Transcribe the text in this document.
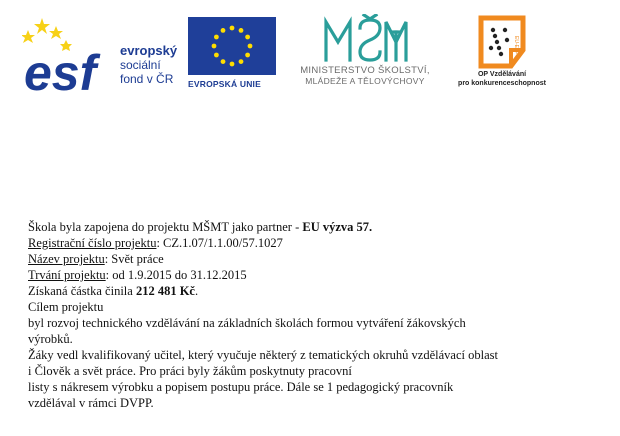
esf	evropský
sociální
fond v ČR	EVROPSKÁ UNIE
MINISTERSTVO ŠKOLSTVÍ,
MLÁDEŽE A TĚLOVÝCHOVY
EU-ESF
OP Vzdělávání
pro konkurenceschopnost
Škola byla zapojena do projektu MŠMT jako partner - EU výzva 57.
Registrační číslo projektu: CZ.1.07/1.1.00/57.1027
Název projektu: Svět práce
Trvání projektu: od 1.9.2015 do 31.12.2015
Získaná částka činila 212 481 Kč.
Cílem projektu
byl rozvoj technického vzdělávání na základních školách formou vytváření žákovských
výrobků.
Žáky vedl kvalifikovaný učitel, který vyučuje některý z tematických okruhů vzdělávací oblast
i Člověk a svět práce. Pro práci byly žákům poskytnuty pracovní
listy s nákresem výrobku a popisem postupu práce. Dále se 1 pedagogický pracovník
vzdělával v rámci DVPP.
